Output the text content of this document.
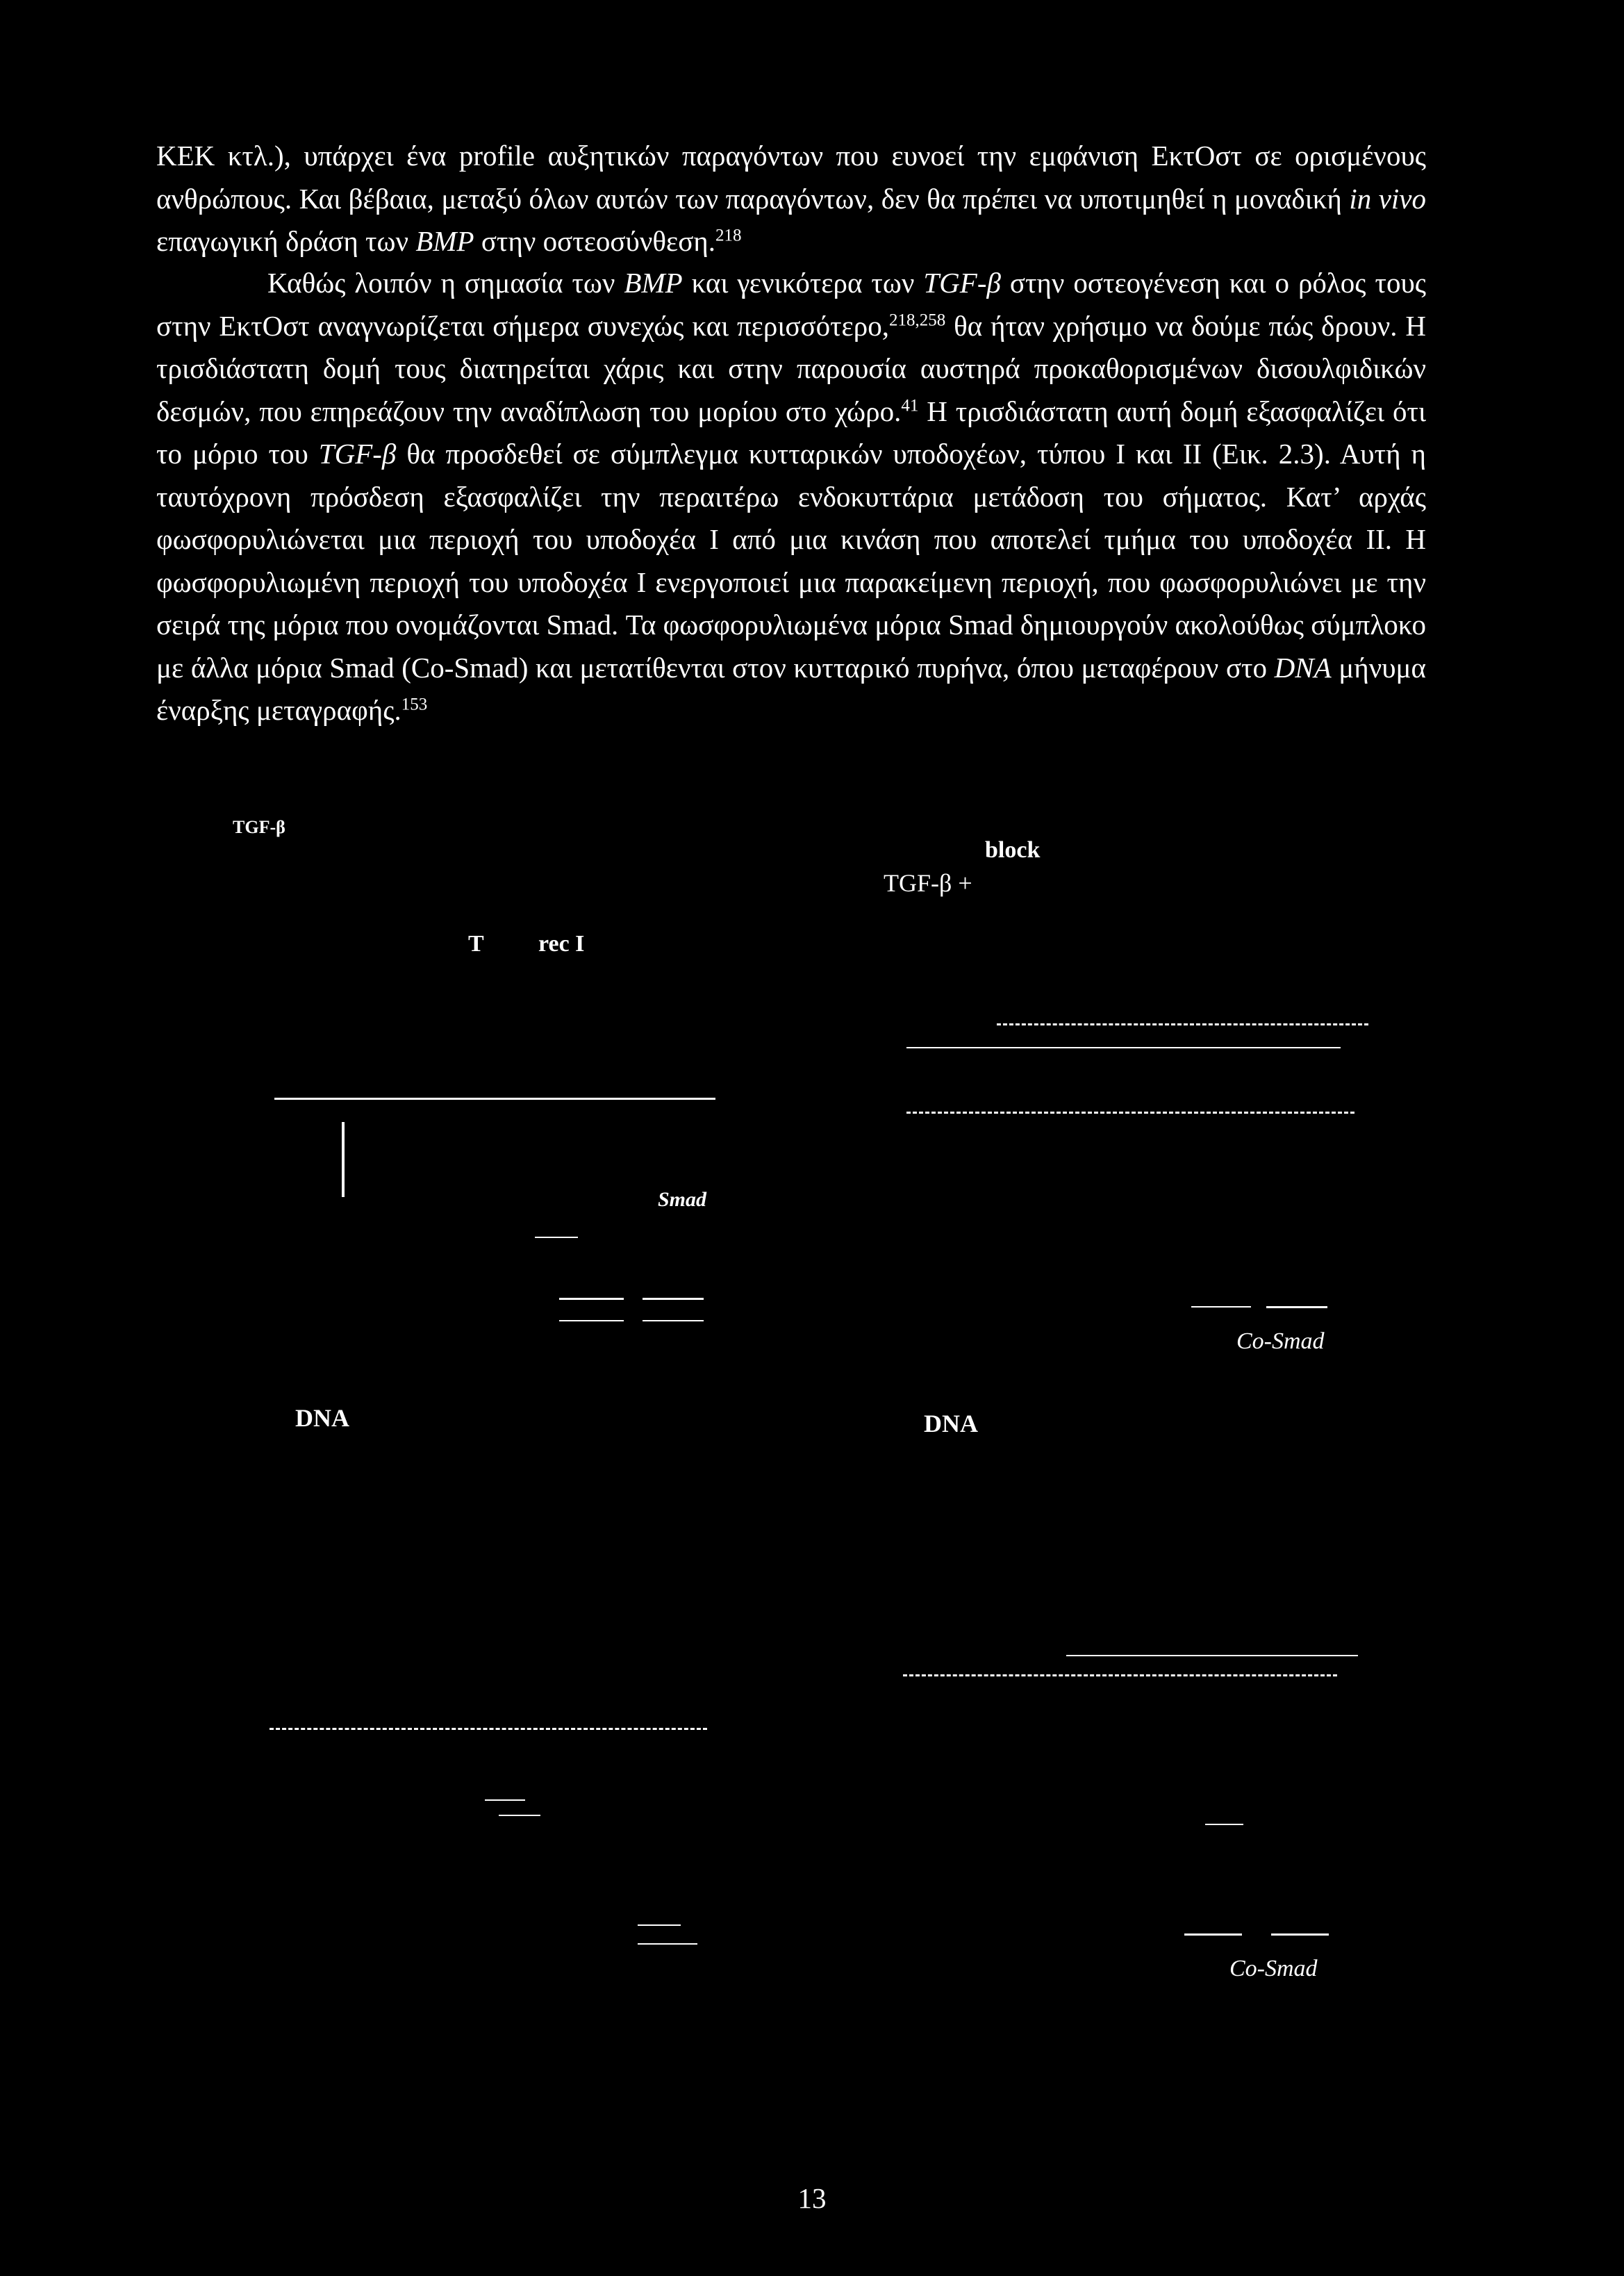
ΚΕΚ κτλ.), υπάρχει ένα profile αυξητικών παραγόντων που ευνοεί την εμφάνιση ΕκτΟστ σε ορισμένους ανθρώπους. Και βέβαια, μεταξύ όλων αυτών των παραγόντων, δεν θα πρέπει να υποτιμηθεί η μοναδική in vivo επαγωγική δράση των BMP στην οστεοσύνθεση.$^{218}$

Καθώς λοιπόν η σημασία των BMP και γενικότερα των TGF-β στην οστεογένεση και ο ρόλος τους στην ΕκτΟστ αναγνωρίζεται σήμερα συνεχώς και περισσότερο,$^{218,258}$ θα ήταν χρήσιμο να δούμε πώς δρουν. Η τρισδιάστατη δομή τους διατηρείται χάρις και στην παρουσία αυστηρά προκαθορισμένων δισουλφιδικών δεσμών, που επηρεάζουν την αναδίπλωση του μορίου στο χώρο.$^{41}$ Η τρισδιάστατη αυτή δομή εξασφαλίζει ότι το μόριο του TGF-β θα προσδεθεί σε σύμπλεγμα κυτταρικών υποδοχέων, τύπου Ι και ΙΙ (Εικ. 2.3). Αυτή η ταυτόχρονη πρόσδεση εξασφαλίζει την περαιτέρω ενδοκυττάρια μετάδοση του σήματος. Κατ’ αρχάς φωσφορυλιώνεται μια περιοχή του υποδοχέα Ι από μια κινάση που αποτελεί τμήμα του υποδοχέα ΙΙ. Η φωσφορυλιωμένη περιοχή του υποδοχέα Ι ενεργοποιεί μια παρακείμενη περιοχή, που φωσφορυλιώνει με την σειρά της μόρια που ονομάζονται Smad. Τα φωσφορυλιωμένα μόρια Smad δημιουργούν ακολούθως σύμπλοκο με άλλα μόρια Smad (Co-Smad) και μετατίθενται στον κυτταρικό πυρήνα, όπου μεταφέρουν στο DNA μήνυμα έναρξης μεταγραφής.$^{153}$

TGF-β

block

TGF-β +

T rec I

Smad

Co-Smad

DNA	DNA

Co-Smad

13
